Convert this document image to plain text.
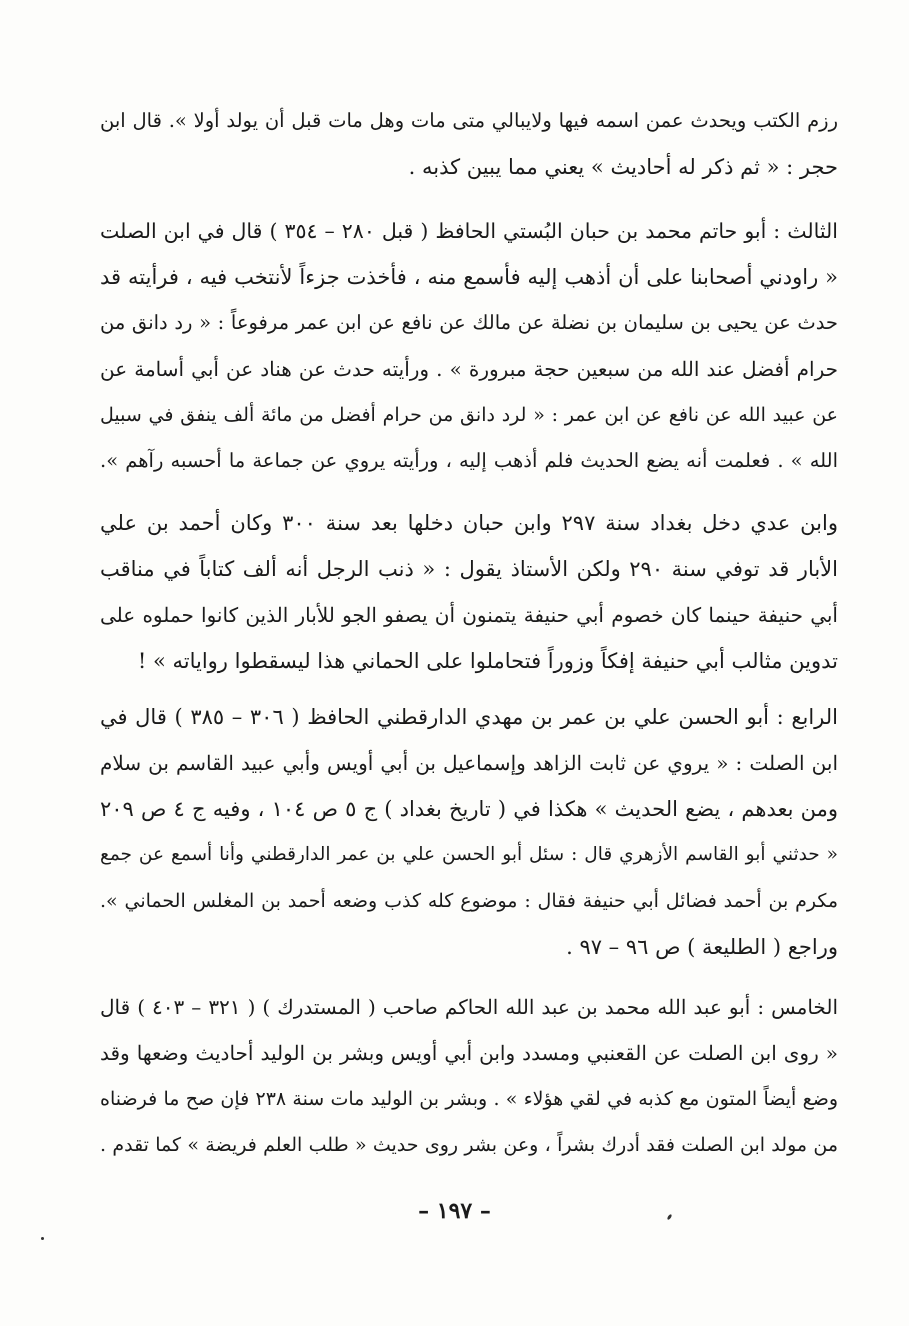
رزم الكتب ويحدث عمن اسمه فيها ولايبالي متى مات وهل مات قبل أن يولد أولا ». قال ابن
حجر : « ثم ذكر له أحاديث » يعني مما يبين كذبه .
الثالث : أبو حاتم محمد بن حبان البُستي الحافظ ( قبل ٢٨٠ – ٣٥٤ ) قال في ابن الصلت
« راودني أصحابنا على أن أذهب إليه فأسمع منه ، فأخذت جزءاً لأنتخب فيه ، فرأيته قد
حدث عن يحيى بن سليمان بن نضلة عن مالك عن نافع عن ابن عمر مرفوعاً : « رد دانق من
حرام أفضل عند الله من سبعين حجة مبرورة » . ورأيته حدث عن هناد عن أبي أسامة عن
عن عبيد الله عن نافع عن ابن عمر : « لرد دانق من حرام أفضل من مائة ألف ينفق في سبيل
الله » . فعلمت أنه يضع الحديث فلم أذهب إليه ، ورأيته يروي عن جماعة ما أحسبه رآهم ».
وابن عدي دخل بغداد سنة ٢٩٧ وابن حبان دخلها بعد سنة ٣٠٠ وكان أحمد بن علي
الأبار قد توفي سنة ٢٩٠ ولكن الأستاذ يقول : « ذنب الرجل أنه ألف كتاباً في مناقب
أبي حنيفة حينما كان خصوم أبي حنيفة يتمنون أن يصفو الجو للأبار الذين كانوا حملوه على
تدوين مثالب أبي حنيفة إفكاً وزوراً فتحاملوا على الحماني هذا ليسقطوا رواياته » !
الرابع : أبو الحسن علي بن عمر بن مهدي الدارقطني الحافظ ( ٣٠٦ – ٣٨٥ ) قال في
ابن الصلت : « يروي عن ثابت الزاهد وإسماعيل بن أبي أويس وأبي عبيد القاسم بن سلام
ومن بعدهم ، يضع الحديث » هكذا في ( تاريخ بغداد ) ج ٥ ص ١٠٤ ، وفيه ج ٤ ص ٢٠٩
« حدثني أبو القاسم الأزهري قال : سئل أبو الحسن علي بن عمر الدارقطني وأنا أسمع عن جمع
مكرم بن أحمد فضائل أبي حنيفة فقال : موضوع كله كذب وضعه أحمد بن المغلس الحماني ».
وراجع ( الطليعة ) ص ٩٦ – ٩٧ .
الخامس : أبو عبد الله محمد بن عبد الله الحاكم صاحب ( المستدرك ) ( ٣٢١ – ٤٠٣ ) قال
« روى ابن الصلت عن القعنبي ومسدد وابن أبي أويس وبشر بن الوليد أحاديث وضعها وقد
وضع أيضاً المتون مع كذبه في لقي هؤلاء » . وبشر بن الوليد مات سنة ٢٣٨ فإن صح ما فرضناه
من مولد ابن الصلت فقد أدرك بشراً ، وعن بشر روى حديث « طلب العلم فريضة » كما تقدم .
– ١٩٧ –
